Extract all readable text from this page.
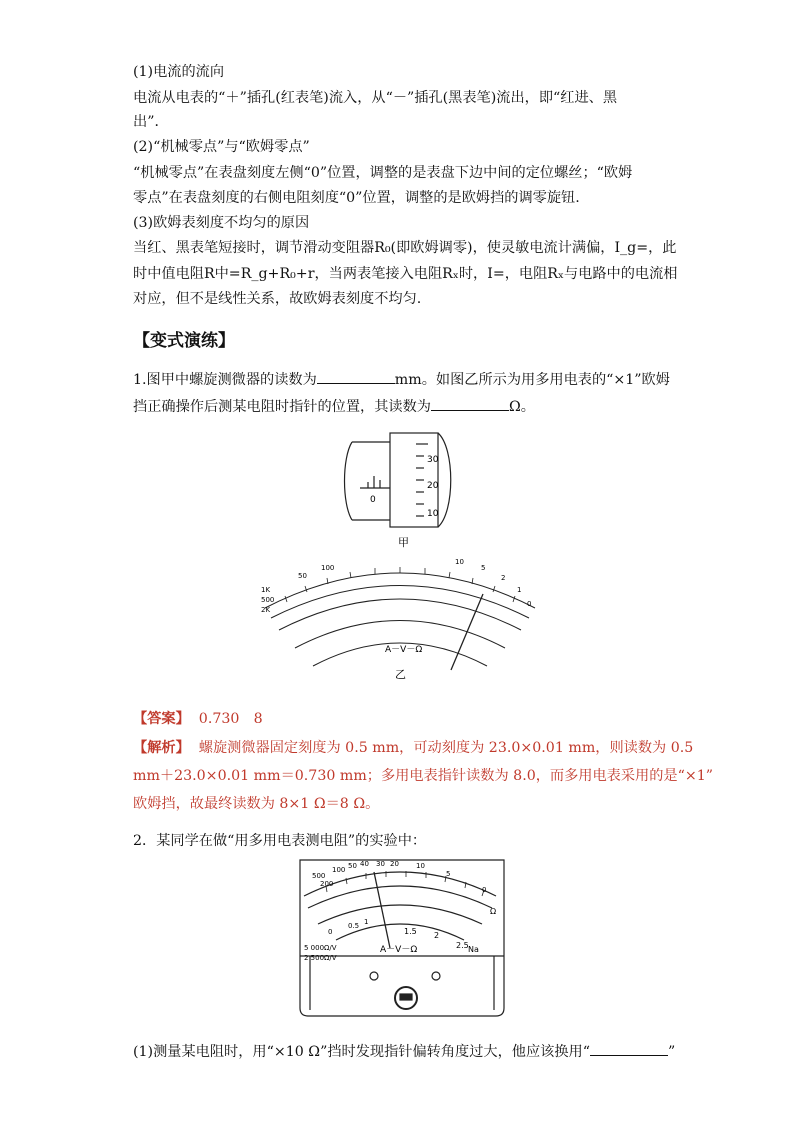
(1)电流的流向
电流从电表的“＋”插孔(红表笔)流入，从“－”插孔(黑表笔)流出，即“红进、黑
出”．
(2)“机械零点”与“欧姆零点”
“机械零点”在表盘刻度左侧“0”位置，调整的是表盘下边中间的定位螺丝；“欧姆
零点”在表盘刻度的右侧电阻刻度“0”位置，调整的是欧姆挡的调零旋钮.
(3)欧姆表刻度不均匀的原因
当红、黑表笔短接时，调节滑动变阻器R₀(即欧姆调零)，使灵敏电流计满偏，I_g=，此
时中值电阻R中=R_g+R₀+r，当两表笔接入电阻Rₓ时，I=，电阻Rₓ与电路中的电流相
对应，但不是线性关系，故欧姆表刻度不均匀.
【变式演练】
1.图甲中螺旋测微器的读数为	mm。如图乙所示为用多用电表的“×1”欧姆
挡正确操作后测某电阻时指针的位置，其读数为	Ω。
30
20
10
0
甲
50
100
10
5
2
1
0
1K
500
2K
A－V－Ω
乙
【答案】 0.730　8
【解析】 螺旋测微器固定刻度为 0.5 mm，可动刻度为 23.0×0.01 mm，则读数为 0.5
mm＋23.0×0.01 mm＝0.730 mm；多用电表指针读数为 8.0，而多用电表采用的是“×1”
欧姆挡，故最终读数为 8×1 Ω＝8 Ω。
2．某同学在做“用多用电表测电阻”的实验中：
500
200
100 50 40 30 20 10
5
0
Ω
0
0.5 1
1.5 2
2.5
A－V－Ω
5 000Ω/V
2 500Ω/V
Na
(1)测量某电阻时，用“×10 Ω”挡时发现指针偏转角度过大，他应该换用“	”
